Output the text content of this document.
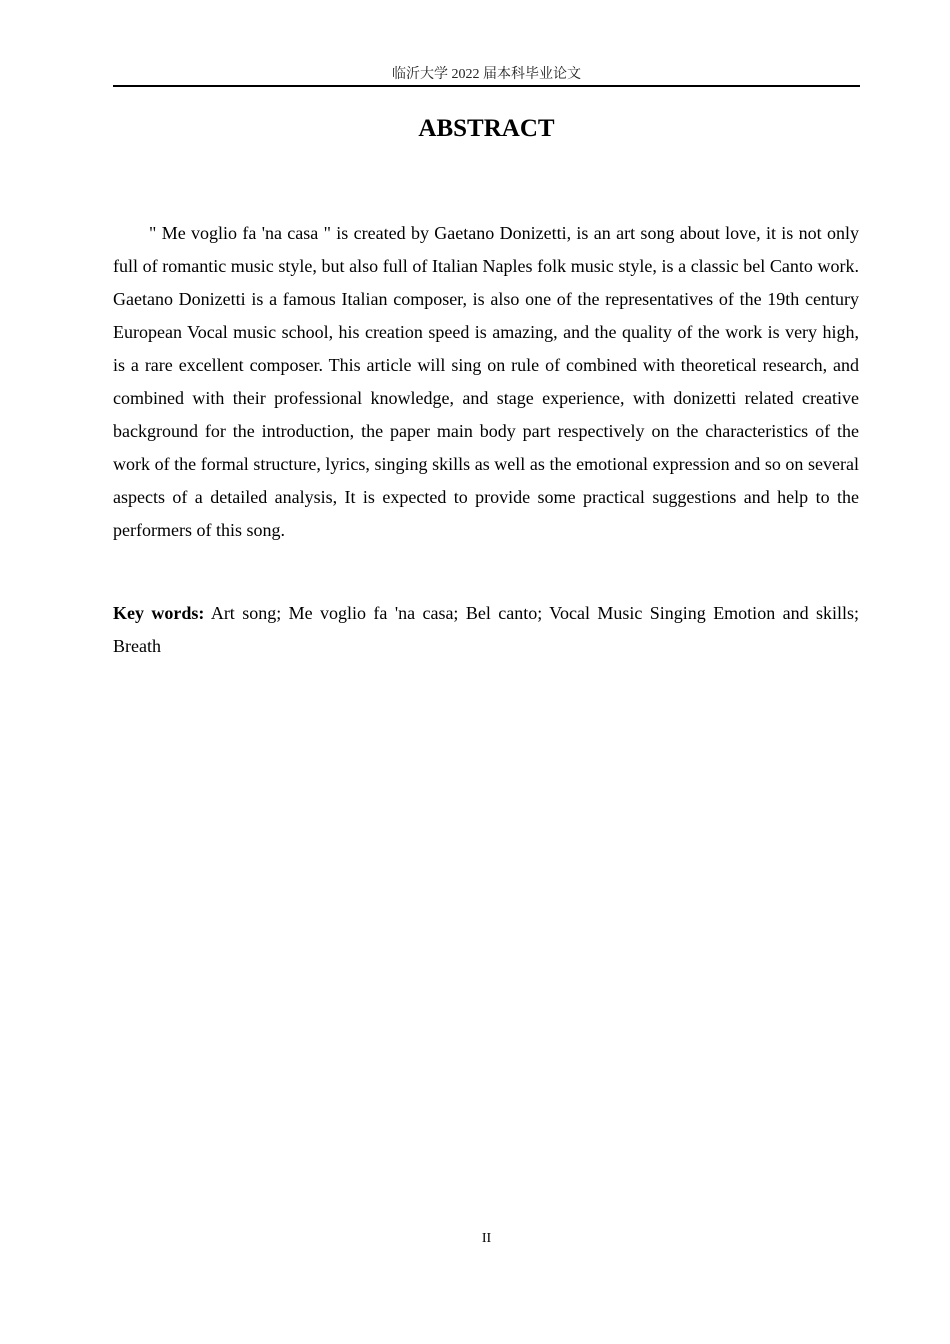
临沂大学 2022 届本科毕业论文
ABSTRACT

" Me voglio fa 'na casa " is created by Gaetano Donizetti, is an art song about love, it is not only full of romantic music style, but also full of Italian Naples folk music style, is a classic bel Canto work. Gaetano Donizetti is a famous Italian composer, is also one of the representatives of the 19th century European Vocal music school, his creation speed is amazing, and the quality of the work is very high, is a rare excellent composer. This article will sing on rule of combined with theoretical research, and combined with their professional knowledge, and stage experience, with donizetti related creative background for the introduction, the paper main body part respectively on the characteristics of the work of the formal structure, lyrics, singing skills as well as the emotional expression and so on several aspects of a detailed analysis, It is expected to provide some practical suggestions and help to the performers of this song.

Key words: Art song; Me voglio fa 'na casa; Bel canto; Vocal Music Singing Emotion and skills; Breath

II
